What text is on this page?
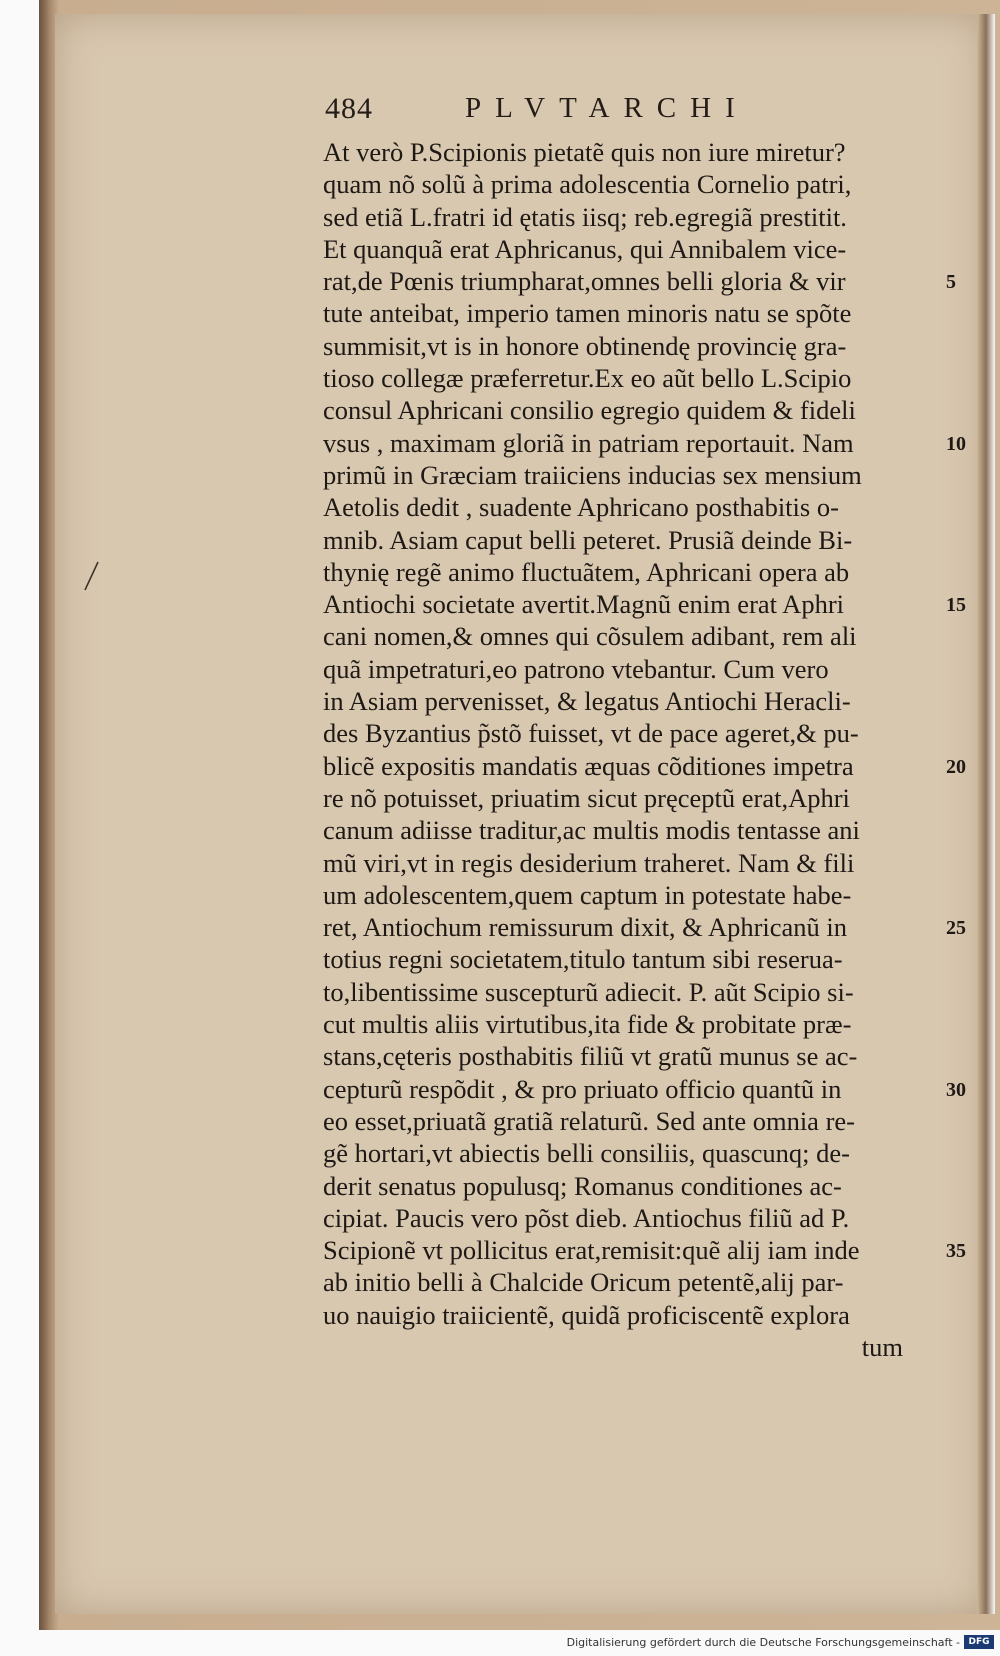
484	PLVTARCHI
At verò P.Scipionis pietatẽ quis non iure miretur?
quam nõ solũ à prima adolescentia Cornelio patri,
sed etiã L.fratri id ętatis iisq; reb.egregiã prestitit.
Et quanquã erat Aphricanus, qui Annibalem vice-
rat,de Pœnis triumpharat,omnes belli gloria & vir
tute anteibat, imperio tamen minoris natu se spõte
summisit,vt is in honore obtinendę provincię gra-
tioso collegæ præferretur.Ex eo aũt bello L.Scipio
consul Aphricani consilio egregio quidem & fideli
vsus , maximam gloriã in patriam reportauit. Nam
primũ in Græciam traiiciens inducias sex mensium
Aetolis dedit , suadente Aphricano posthabitis o-
mnib. Asiam caput belli peteret. Prusiã deinde Bi-
thynię regẽ animo fluctuãtem, Aphricani opera ab
Antiochi societate avertit.Magnũ enim erat Aphri
cani nomen,& omnes qui cõsulem adibant, rem ali
quã impetraturi,eo patrono vtebantur. Cum vero
in Asiam pervenisset, & legatus Antiochi Heracli-
des Byzantius p̃stõ fuisset, vt de pace ageret,& pu-
blicẽ expositis mandatis æquas cõditiones impetra
re nõ potuisset, priuatim sicut pręceptũ erat,Aphri
canum adiisse traditur,ac multis modis tentasse ani
mũ viri,vt in regis desiderium traheret. Nam & fili
um adolescentem,quem captum in potestate habe-
ret, Antiochum remissurum dixit, & Aphricanũ in
totius regni societatem,titulo tantum sibi reserua-
to,libentissime suscepturũ adiecit. P. aũt Scipio si-
cut multis aliis virtutibus,ita fide & probitate præ-
stans,cęteris posthabitis filiũ vt gratũ munus se ac-
cepturũ respõdit , & pro priuato officio quantũ in
eo esset,priuatã gratiã relaturũ. Sed ante omnia re-
gẽ hortari,vt abiectis belli consiliis, quascunq; de-
derit senatus populusq; Romanus conditiones ac-
cipiat. Paucis vero põst dieb. Antiochus filiũ ad P.
Scipionẽ vt pollicitus erat,remisit:quẽ alij iam inde
ab initio belli à Chalcide Oricum petentẽ,alij par-
uo nauigio traiicientẽ, quidã proficiscentẽ explora
tum
5
10
15
20
25
30
35
Digitalisierung gefördert durch die Deutsche Forschungsgemeinschaft - DFG
